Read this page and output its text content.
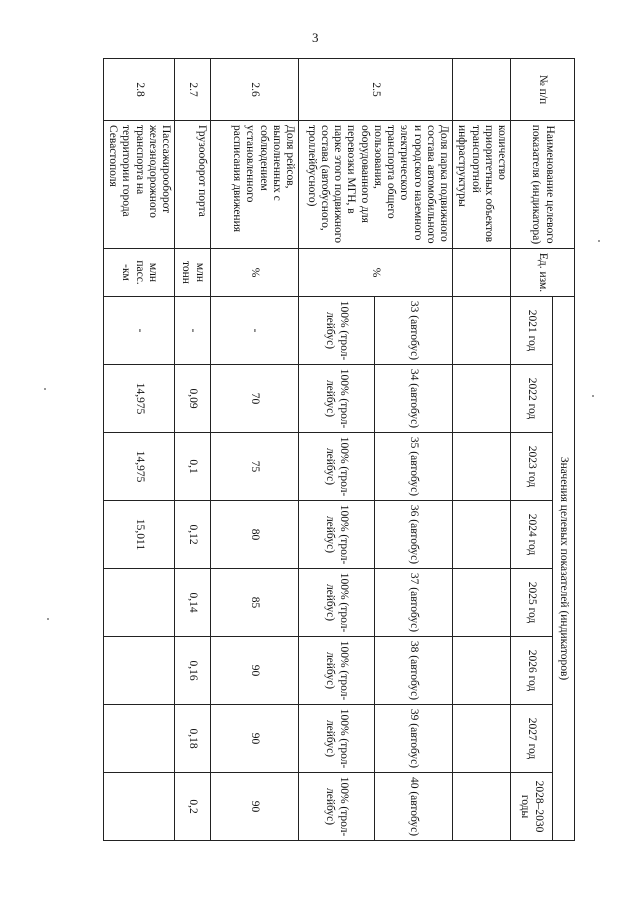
3
№ п/п	Наименование целевого показателя (индикатора)	Ед. изм.	Значения целевых показателей (индикаторов)							
			2021 год	2022 год	2023 год	2024 год	2025 год	2026 год	2027 год	2028–2030 годы
	количество приоритетных объектов транспортной инфраструктуры									
2.5	Доля парка подвижного состава автомобильного и городского наземного электрического транспорта общего пользования, оборудованного для перевозки МГН, в парке этого подвижного состава (автобусного, троллейбусного)	%	33 (автобус)	34 (автобус)	35 (автобус)	36 (автобус)	37 (автобус)	38 (автобус)	39 (автобус)	40 (автобус)
			100% (трол-лейбус)	100% (трол-лейбус)	100% (трол-лейбус)	100% (трол-лейбус)	100% (трол-лейбус)	100% (трол-лейбус)	100% (трол-лейбус)	100% (трол-лейбус)
2.6	Доля рейсов, выполненных с соблюдением установленного расписания движения	%	-	70	75	80	85	90	90	90
2.7	Грузооборот порта	млн тонн	-	0,09	0,1	0,12	0,14	0,16	0,18	0,2
2.8	Пассажирооборот железнодорожного транспорта на территории города Севастополя	млн пасс. -км	-	14,975	14,975	15,011				
